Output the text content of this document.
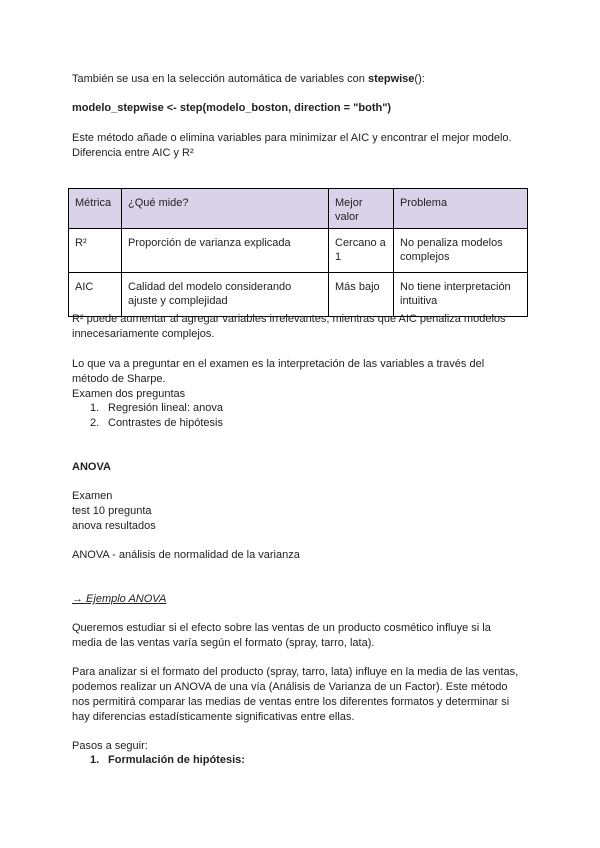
También se usa en la selección automática de variables con stepwise():

modelo_stepwise <- step(modelo_boston, direction = "both")

Este método añade o elimina variables para minimizar el AIC y encontrar el mejor modelo.

Diferencia entre AIC y R²

Métrica	¿Qué mide?	Mejor valor	Problema
R²	Proporción de varianza explicada	Cercano a 1	No penaliza modelos complejos
AIC	Calidad del modelo considerando ajuste y complejidad	Más bajo	No tiene interpretación intuitiva

R² puede aumentar al agregar variables irrelevantes, mientras que AIC penaliza modelos

innecesariamente complejos.

Lo que va a preguntar en el examen es la interpretación de las variables a través del

método de Sharpe.

Examen dos preguntas

1. Regresión lineal: anova
2. Contrastes de hipótesis

ANOVA

Examen

test 10 pregunta

anova resultados

ANOVA - análisis de normalidad de la varianza

→ Ejemplo ANOVA

Queremos estudiar si el efecto sobre las ventas de un producto cosmético influye si la

media de las ventas varía según el formato (spray, tarro, lata).

Para analizar si el formato del producto (spray, tarro, lata) influye en la media de las ventas,

podemos realizar un ANOVA de una vía (Análisis de Varianza de un Factor). Este método

nos permitirá comparar las medias de ventas entre los diferentes formatos y determinar si

hay diferencias estadísticamente significativas entre ellas.

Pasos a seguir:

1. Formulación de hipótesis:
